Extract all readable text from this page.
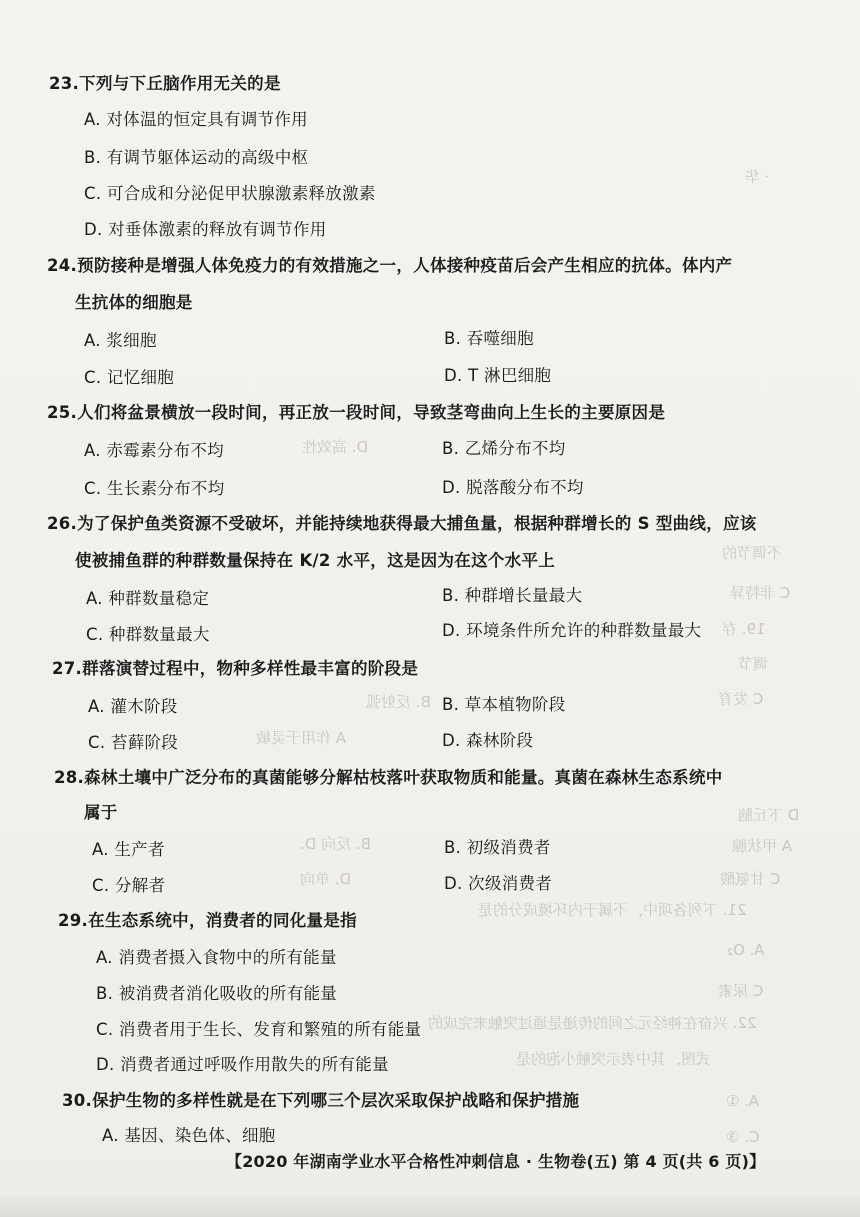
· 华
D. 高效性
不调节的
C 非特异
19. 存
调节
C 发育
B. 反射弧
A 作用于灵敏
D 下丘脑
B. 反向 D.	A 甲状腺
D. 单向	C 甘氨酸
21. 下列各项中，不属于内环境成分的是
A. O₂
C 尿素
22. 兴奋在神经元之间的传递是通过突触来完成的
式图，其中表示突触小泡的是
A. ①
C. ③
23.下列与下丘脑作用无关的是
A. 对体温的恒定具有调节作用
B. 有调节躯体运动的高级中枢
C. 可合成和分泌促甲状腺激素释放激素
D. 对垂体激素的释放有调节作用
24.预防接种是增强人体免疫力的有效措施之一，人体接种疫苗后会产生相应的抗体。体内产
生抗体的细胞是
A. 浆细胞	B. 吞噬细胞
C. 记忆细胞	D. T 淋巴细胞
25.人们将盆景横放一段时间，再正放一段时间，导致茎弯曲向上生长的主要原因是
A. 赤霉素分布不均	B. 乙烯分布不均
C. 生长素分布不均	D. 脱落酸分布不均
26.为了保护鱼类资源不受破坏，并能持续地获得最大捕鱼量，根据种群增长的 S 型曲线，应该
使被捕鱼群的种群数量保持在 K/2 水平，这是因为在这个水平上
A. 种群数量稳定	B. 种群增长量最大
C. 种群数量最大	D. 环境条件所允许的种群数量最大
27.群落演替过程中，物种多样性最丰富的阶段是
A. 灌木阶段	B. 草本植物阶段
C. 苔藓阶段	D. 森林阶段
28.森林土壤中广泛分布的真菌能够分解枯枝落叶获取物质和能量。真菌在森林生态系统中
属于
A. 生产者	B. 初级消费者
C. 分解者	D. 次级消费者
29.在生态系统中，消费者的同化量是指
A. 消费者摄入食物中的所有能量
B. 被消费者消化吸收的所有能量
C. 消费者用于生长、发育和繁殖的所有能量
D. 消费者通过呼吸作用散失的所有能量
30.保护生物的多样性就是在下列哪三个层次采取保护战略和保护措施
A. 基因、染色体、细胞
【2020 年湖南学业水平合格性冲刺信息 · 生物卷(五) 第 4 页(共 6 页)】
